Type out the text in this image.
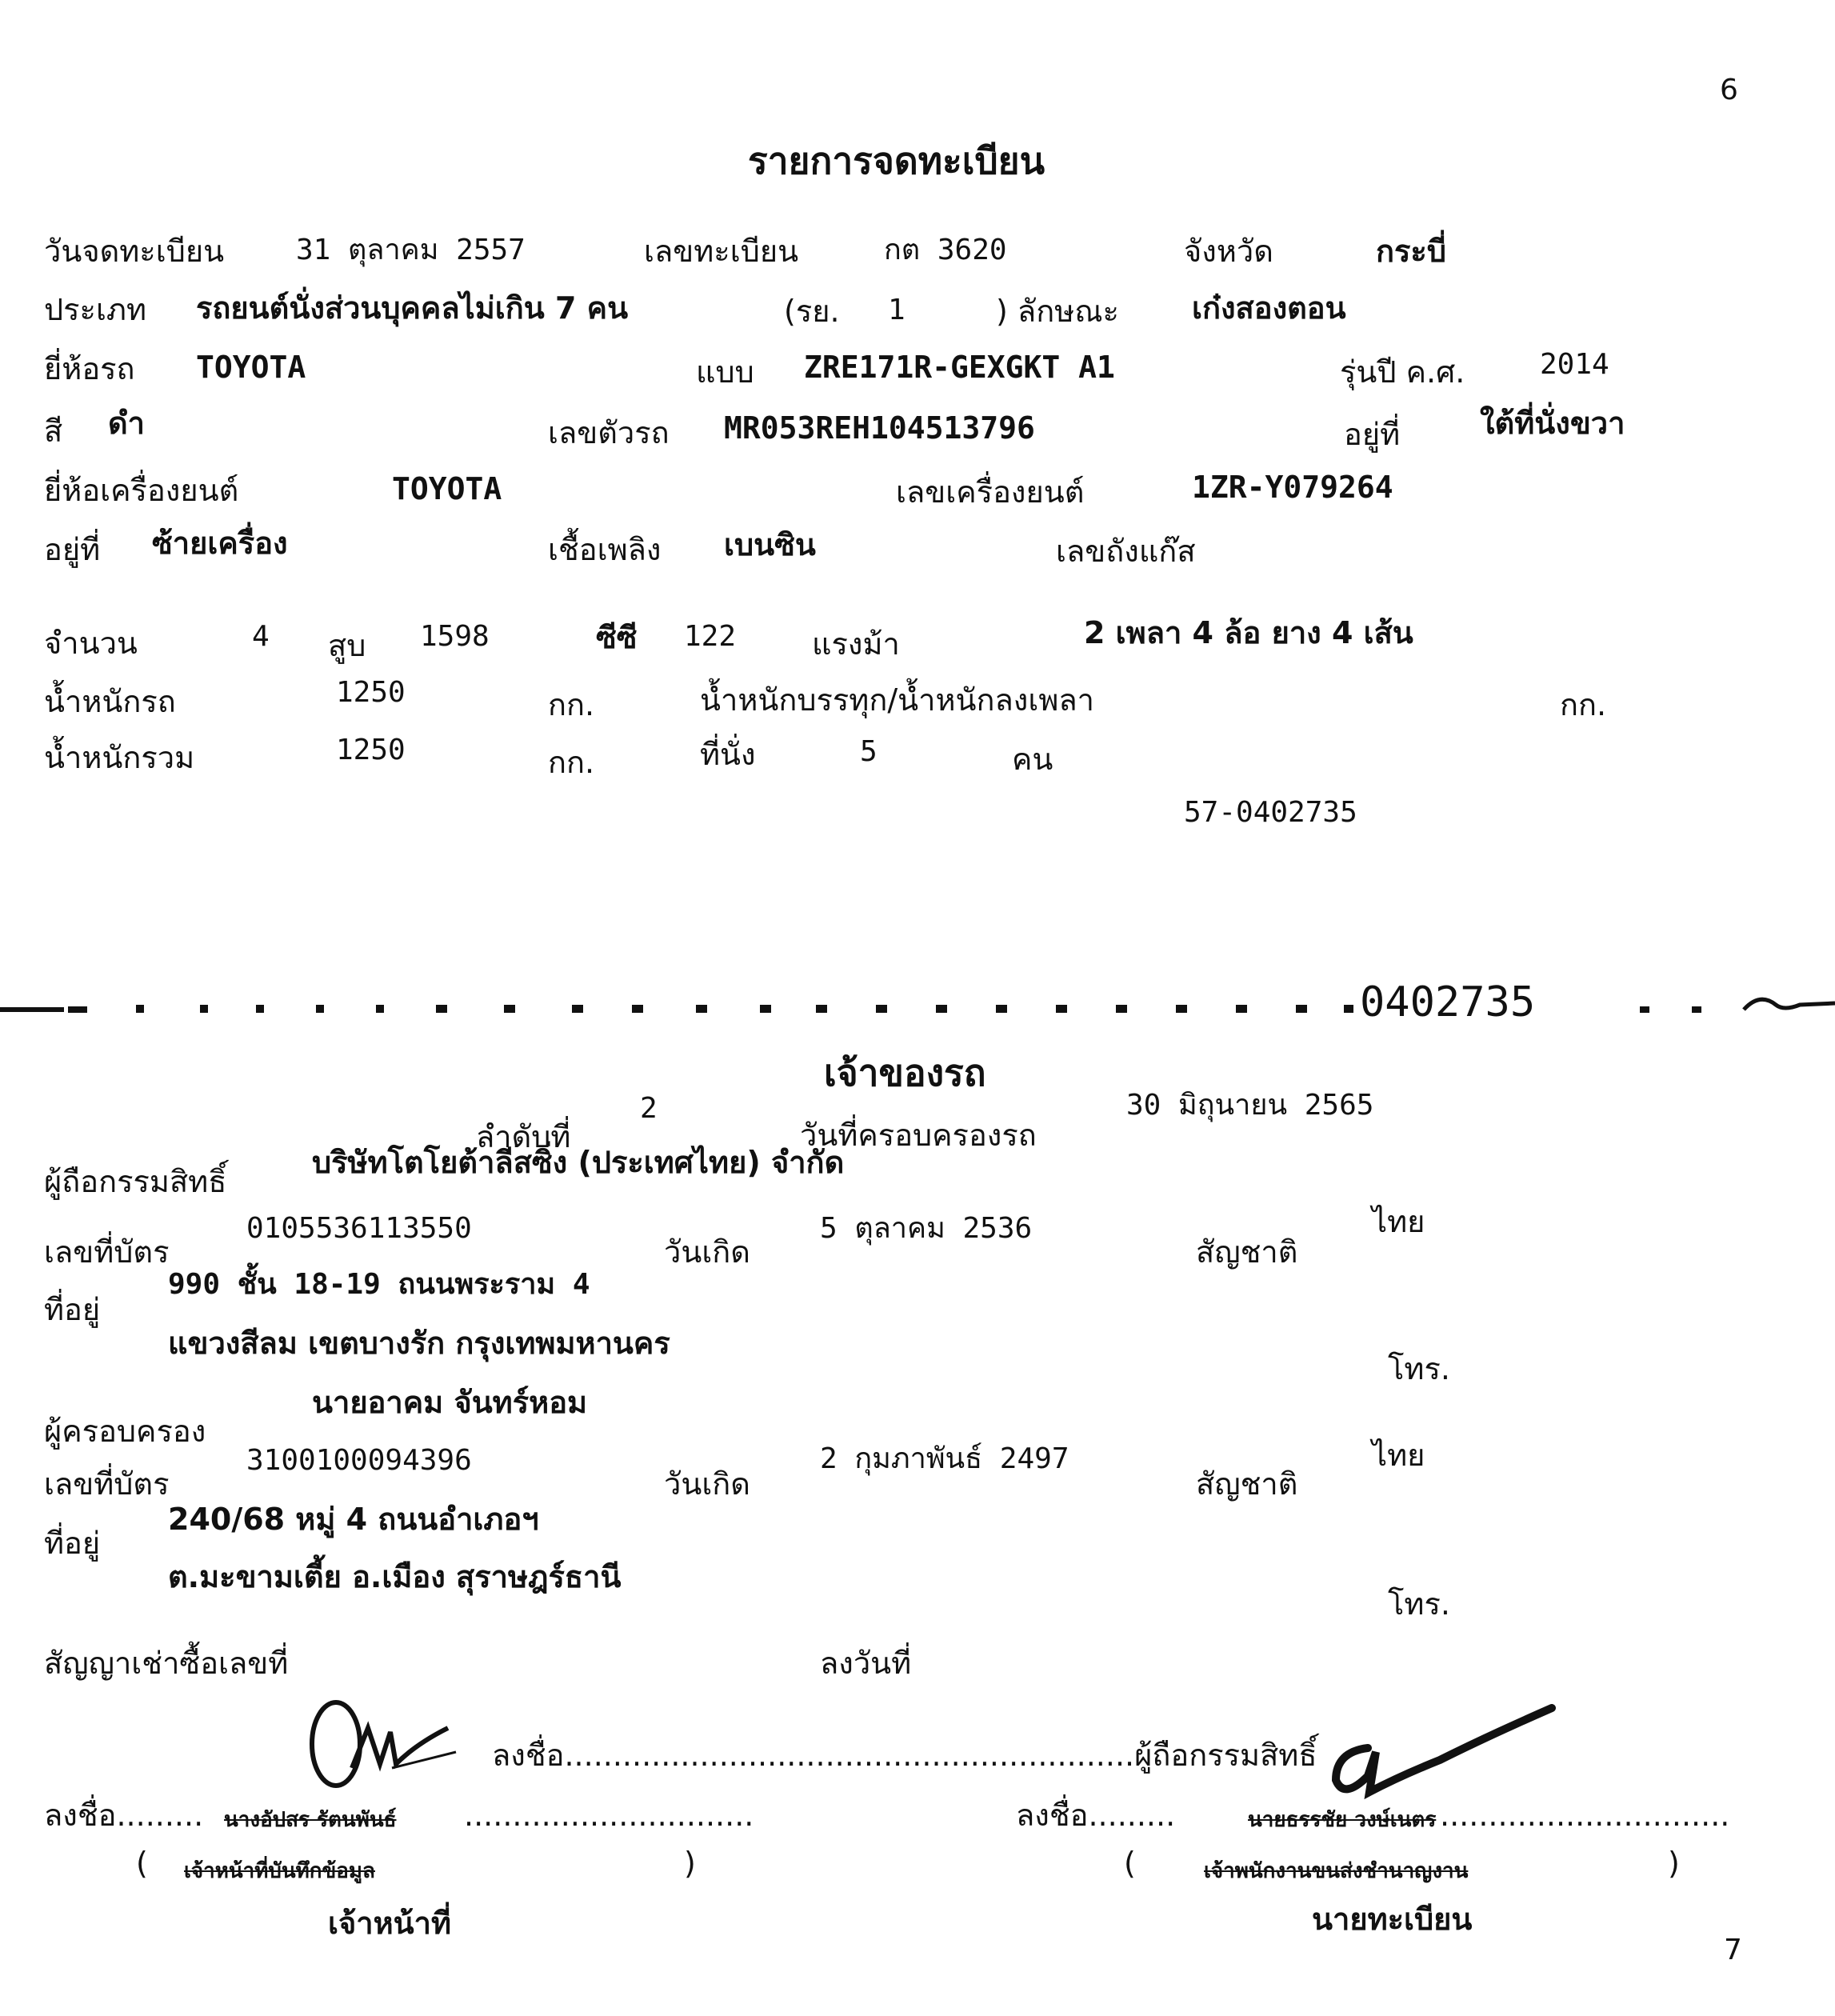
6
7
รายการจดทะเบียน
วันจดทะเบียน 31 ตุลาคม 2557	เลขทะเบียน	กต 3620	จังหวัด	กระบี่
ประเภท รถยนต์นั่งส่วนบุคคลไม่เกิน 7 คน	(รย. 1	) ลักษณะ เก๋งสองตอน
ยี่ห้อรถ TOYOTA	แบบ ZRE171R-GEXGKT A1	รุ่นปี ค.ศ.	2014
สี ดำ	เลขตัวรถ MR053REH104513796	อยู่ที่	ใต้ที่นั่งขวา
ยี่ห้อเครื่องยนต์	TOYOTA	เลขเครื่องยนต์	1ZR-Y079264
อยู่ที่ ซ้ายเครื่อง	เชื้อเพลิง เบนซิน	เลขถังแก๊ส
จำนวน	4 สูบ 1598	ซีซี 122 แรงม้า	2 เพลา 4 ล้อ ยาง 4 เส้น
น้ำหนักรถ	1250	กก.	น้ำหนักบรรทุก/น้ำหนักลงเพลา	กก.
น้ำหนักรวม	1250	กก.	ที่นั่ง	5	คน
57-0402735
0402735
เจ้าของรถ
2
ลำดับที่	วันที่ครอบครองรถ
30 มิถุนายน 2565
ผู้ถือกรรมสิทธิ์
บริษัทโตโยต้าลีสซิ่ง (ประเทศไทย) จำกัด
เลขที่บัตร
0105536113550
วันเกิด
5 ตุลาคม 2536
สัญชาติ
ไทย
990 ชั้น 18-19 ถนนพระราม 4
ที่อยู่
แขวงสีลม เขตบางรัก กรุงเทพมหานคร
โทร.
นายอาคม จันทร์หอม
ผู้ครอบครอง
เลขที่บัตร
3100100094396
วันเกิด
2 กุมภาพันธ์ 2497
สัญชาติ
ไทย
240/68 หมู่ 4 ถนนอำเภอฯ
ที่อยู่
ต.มะขามเตี้ย อ.เมือง สุราษฎร์ธานี
โทร.
สัญญาเช่าซื้อเลขที่	ลงวันที่
ลงชื่อ...........................................................ผู้ถือกรรมสิทธิ์
ลงชื่อ......... นางอัปสร รัตนพันธ์ ..............................	ลงชื่อ.........	นายธรรชัย วงษ์เนตร ..............................
( เจ้าหน้าที่บันทึกข้อมูล	)	(	เจ้าพนักงานขนส่งชำนาญงาน	)
เจ้าหน้าที่	นายทะเบียน
